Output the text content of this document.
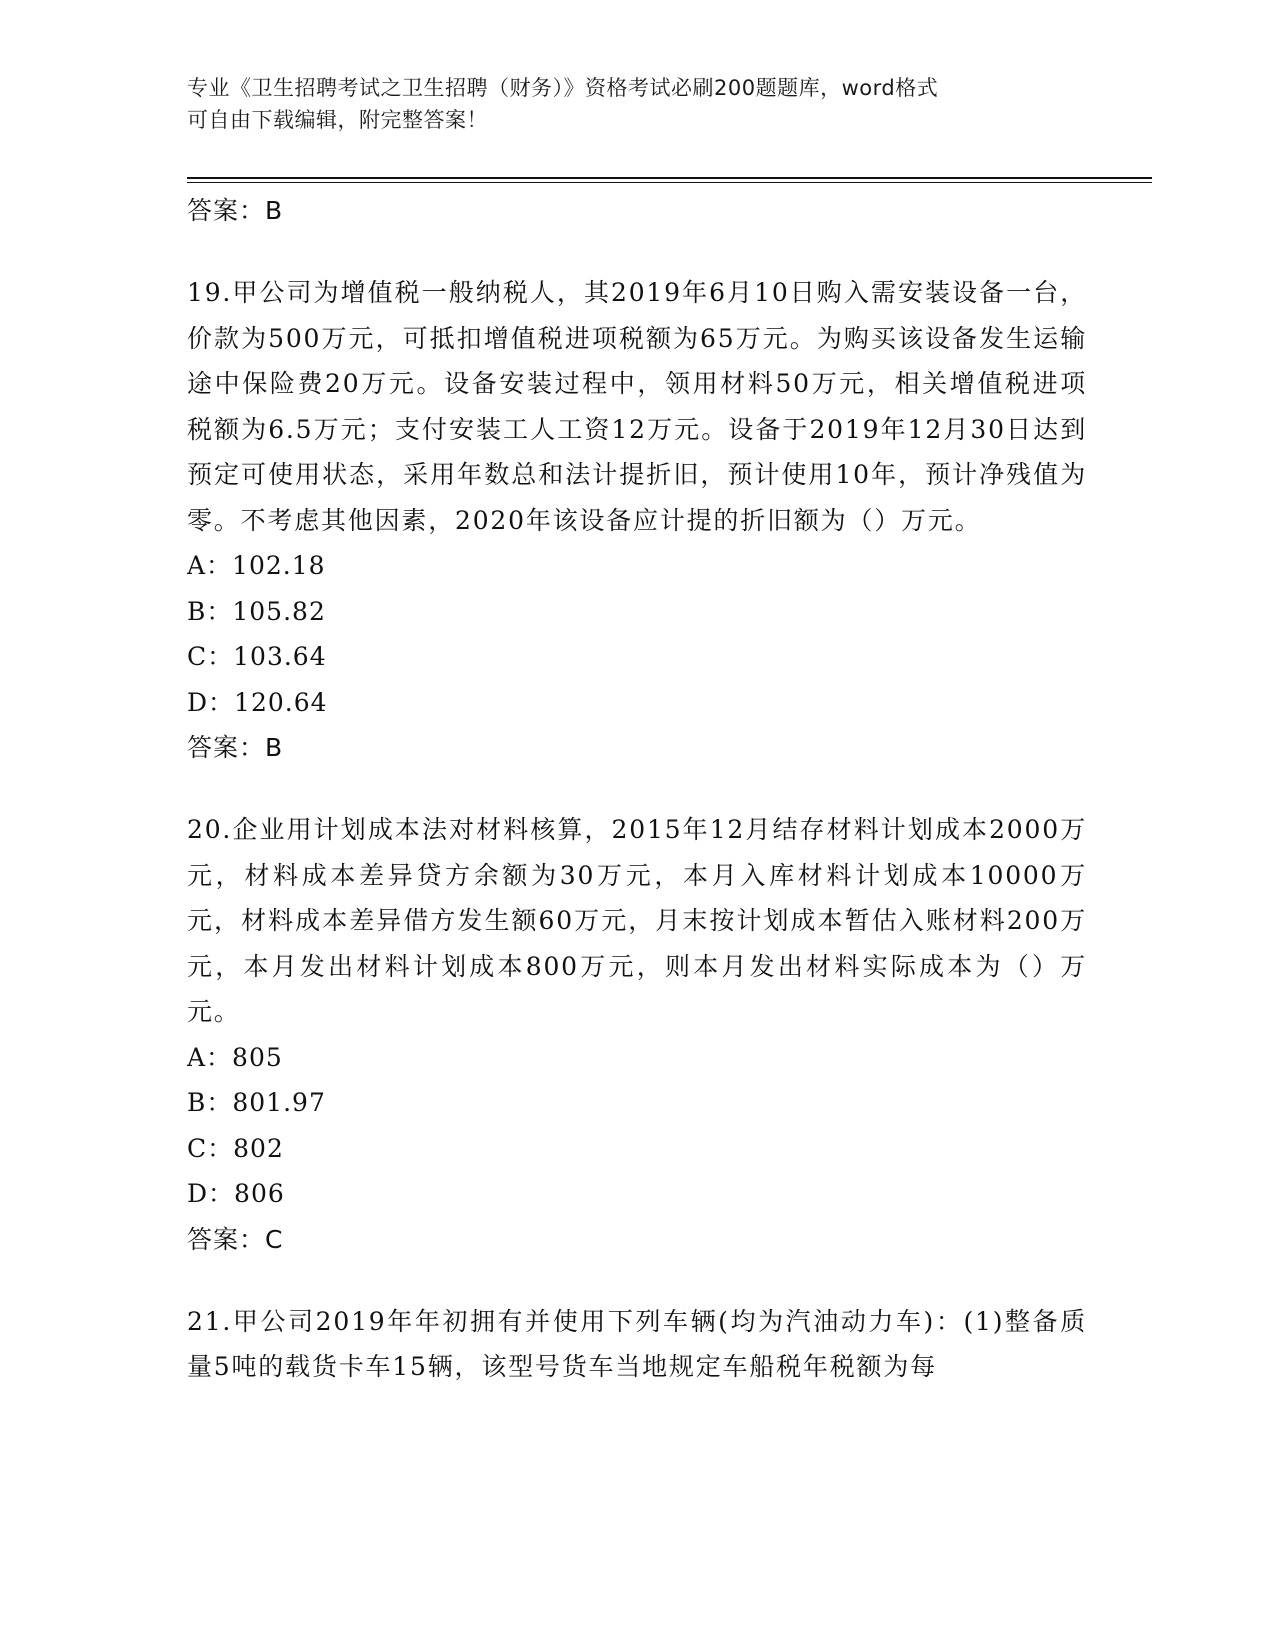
专业《卫生招聘考试之卫生招聘（财务）》资格考试必刷200题题库，word格式
可自由下载编辑，附完整答案！
答案：B
19.甲公司为增值税一般纳税人，其2019年6月10日购入需安装设备一台，价款为500万元，可抵扣增值税进项税额为65万元。为购买该设备发生运输途中保险费20万元。设备安装过程中，领用材料50万元，相关增值税进项税额为6.5万元；支付安装工人工资12万元。设备于2019年12月30日达到预定可使用状态，采用年数总和法计提折旧，预计使用10年，预计净残值为零。不考虑其他因素，2020年该设备应计提的折旧额为（）万元。
A：102.18
B：105.82
C：103.64
D：120.64
答案：B
20.企业用计划成本法对材料核算，2015年12月结存材料计划成本2000万元，材料成本差异贷方余额为30万元，本月入库材料计划成本10000万元，材料成本差异借方发生额60万元，月末按计划成本暂估入账材料200万元，本月发出材料计划成本800万元，则本月发出材料实际成本为（）万元。
A：805
B：801.97
C：802
D：806
答案：C
21.甲公司2019年年初拥有并使用下列车辆(均为汽油动力车)：(1)整备质量5吨的载货卡车15辆，该型号货车当地规定车船税年税额为每
